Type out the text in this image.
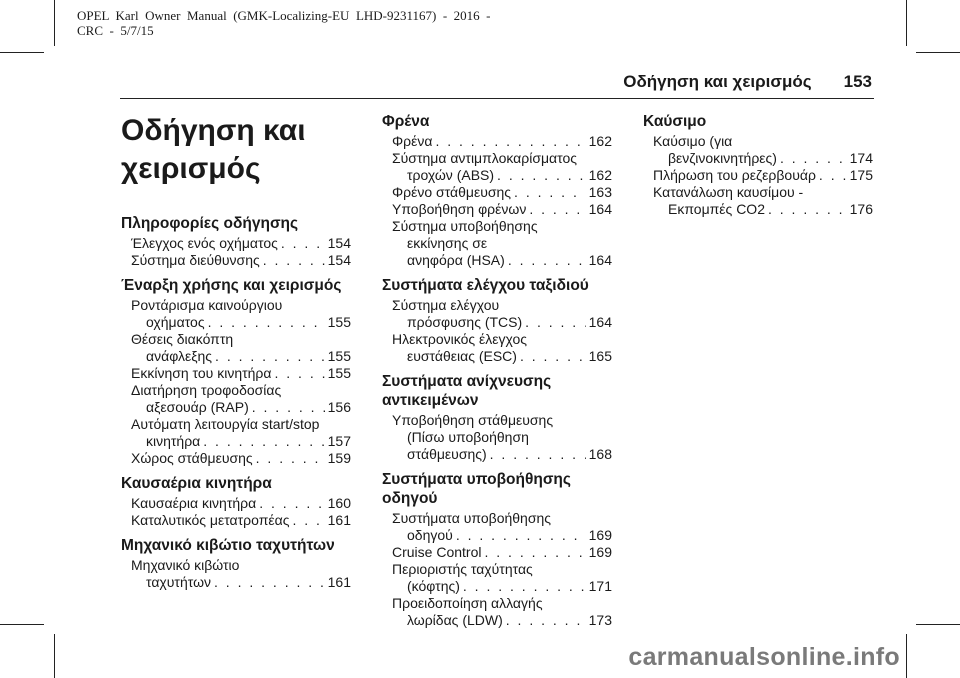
OPEL  Karl  Owner  Manual  (GMK-Localizing-EU  LHD-9231167)  -  2016  -
CRC  -  5/7/15
Οδήγηση και χειρισμός 153
Οδήγηση και χειρισμός
Πληροφορίες οδήγησης
Έλεγχος ενός οχήματος . . .	154
Σύστημα διεύθυνσης . . .	154
Έναρξη χρήσης και χειρισμός
Ροντάρισμα καινούργιου
οχήματος . . .	155
Θέσεις διακόπτη
ανάφλεξης . . .	155
Εκκίνηση του κινητήρα . . .	155
Διατήρηση τροφοδοσίας
αξεσουάρ (RAP) . . .	156
Αυτόματη λειτουργία start/stop
κινητήρα . . .	157
Χώρος στάθμευσης . . .	159
Καυσαέρια κινητήρα
Καυσαέρια κινητήρα . . .	160
Καταλυτικός μετατροπέας . . .	161
Μηχανικό κιβώτιο ταχυτήτων
Μηχανικό κιβώτιο
ταχυτήτων . . .	161
Φρένα
Φρένα . . .	162
Σύστημα αντιμπλοκαρίσματος
τροχών (ABS) . . .	162
Φρένο στάθμευσης . . .	163
Υποβοήθηση φρένων . . .	164
Σύστημα υποβοήθησης
εκκίνησης σε
ανηφόρα (HSA) . . .	164
Συστήματα ελέγχου ταξιδιού
Σύστημα ελέγχου
πρόσφυσης (TCS) . . .	164
Ηλεκτρονικός έλεγχος
ευστάθειας (ESC) . . .	165
Συστήματα ανίχνευσης αντικειμένων
Υποβοήθηση στάθμευσης
(Πίσω υποβοήθηση
στάθμευσης) . . .	168
Συστήματα υποβοήθησης οδηγού
Συστήματα υποβοήθησης
οδηγού . . .	169
Cruise Control . . .	169
Περιοριστής ταχύτητας
(κόφτης) . . .	171
Προειδοποίηση αλλαγής
λωρίδας (LDW) . . .	173
Καύσιμο
Καύσιμο (για
βενζινοκινητήρες) . . .	174
Πλήρωση του ρεζερβουάρ . . . 175
Κατανάλωση καυσίμου -
Εκπομπές CO2 . . .	176
carmanualsonline.info
